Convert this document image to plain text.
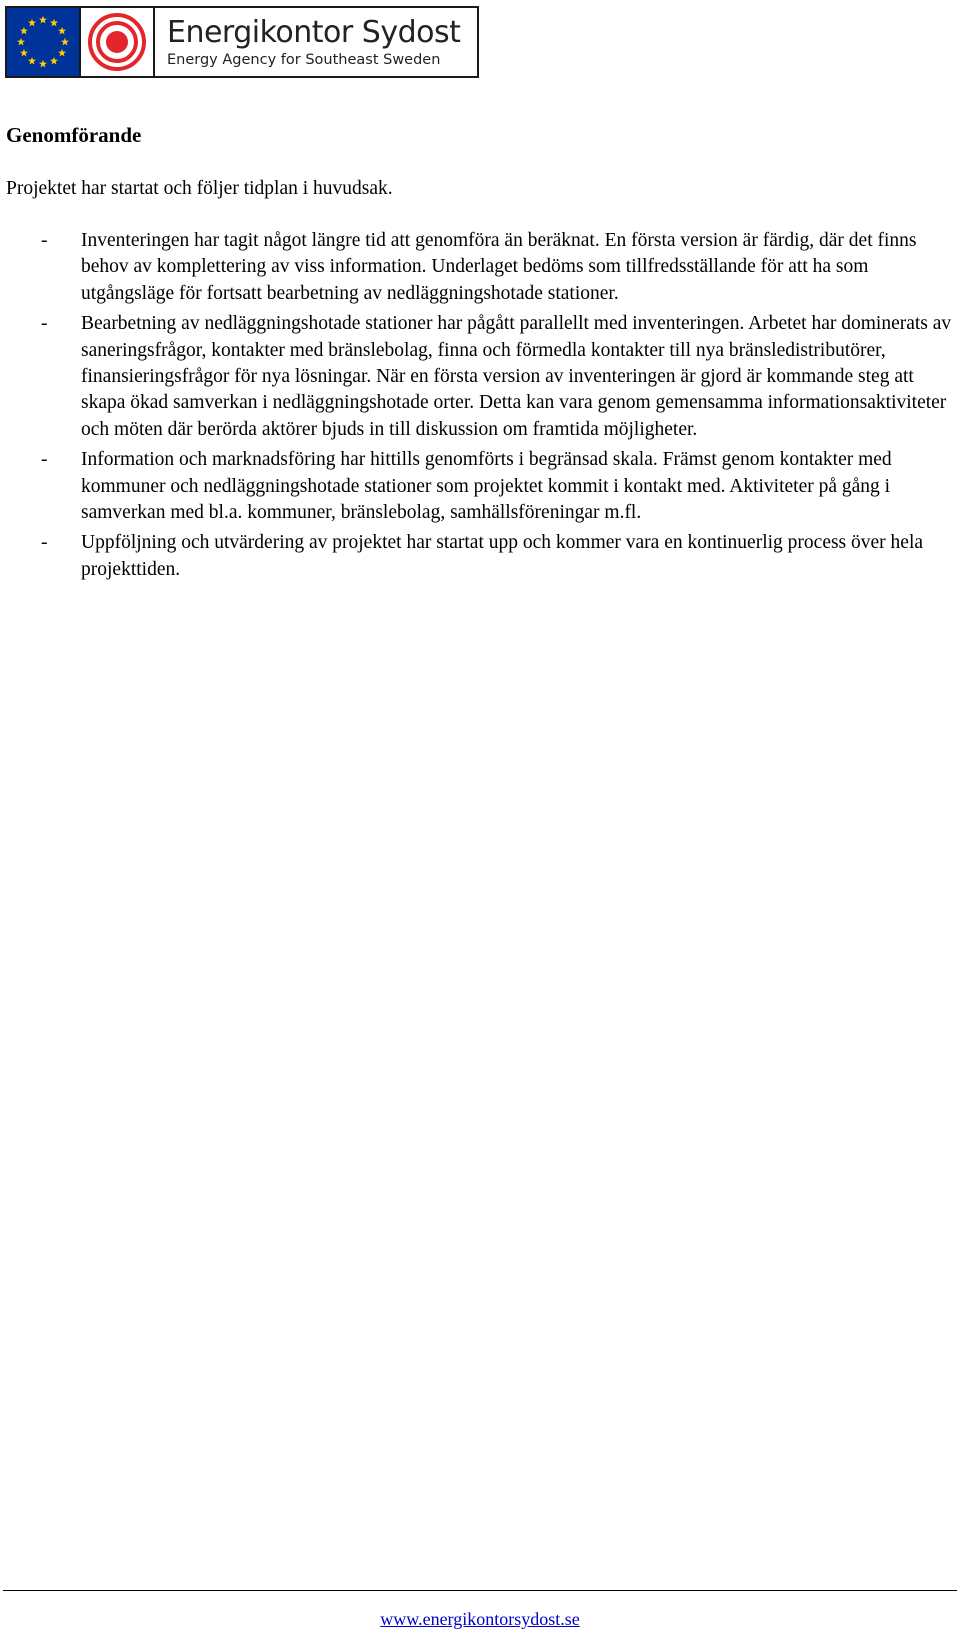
Energikontor Sydost
Energy Agency for Southeast Sweden
Genomförande

Projektet har startat och följer tidplan i huvudsak.

- Inventeringen har tagit något längre tid att genomföra än beräknat. En första version är färdig, där det finns behov av komplettering av viss information. Underlaget bedöms som tillfredsställande för att ha som utgångsläge för fortsatt bearbetning av nedläggningshotade stationer.
- Bearbetning av nedläggningshotade stationer har pågått parallellt med inventeringen. Arbetet har dominerats av saneringsfrågor, kontakter med bränslebolag, finna och förmedla kontakter till nya bränsledistributörer, finansieringsfrågor för nya lösningar. När en första version av inventeringen är gjord är kommande steg att skapa ökad samverkan i nedläggningshotade orter. Detta kan vara genom gemensamma informationsaktiviteter och möten där berörda aktörer bjuds in till diskussion om framtida möjligheter.
- Information och marknadsföring har hittills genomförts i begränsad skala. Främst genom kontakter med kommuner och nedläggningshotade stationer som projektet kommit i kontakt med. Aktiviteter på gång i samverkan med bl.a. kommuner, bränslebolag, samhällsföreningar m.fl.
- Uppföljning och utvärdering av projektet har startat upp och kommer vara en kontinuerlig process över hela projekttiden.
www.energikontorsydost.se
